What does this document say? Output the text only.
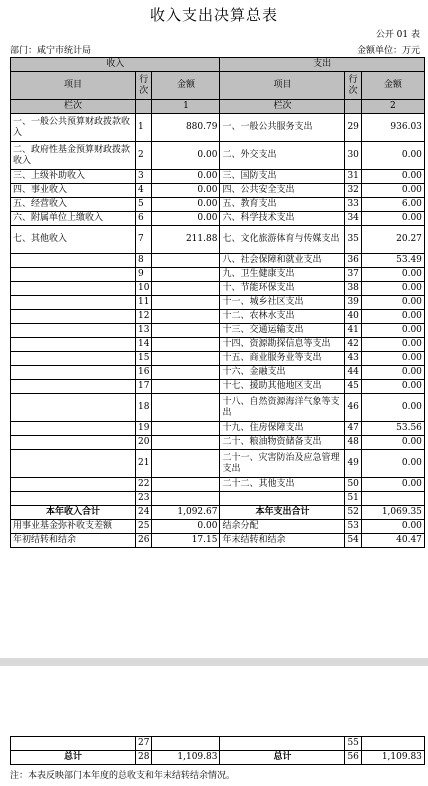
收入支出决算总表
公开 01 表
部门：咸宁市统计局	金额单位：万元
收入			支出		
项目	行次	金额	项目	行次	金额
栏次		1	栏次		2
一、一般公共预算财政拨款收入	1	880.79	一、一般公共服务支出	29	936.03
二、政府性基金预算财政拨款收入	2	0.00	二、外交支出	30	0.00
三、上级补助收入	3	0.00	三、国防支出	31	0.00
四、事业收入	4	0.00	四、公共安全支出	32	0.00
五、经营收入	5	0.00	五、教育支出	33	6.00
六、附属单位上缴收入	6	0.00	六、科学技术支出	34	0.00
七、其他收入	7	211.88	七、文化旅游体育与传媒支出	35	20.27
	8		八、社会保障和就业支出	36	53.49
	9		九、卫生健康支出	37	0.00
	10		十、节能环保支出	38	0.00
	11		十一、城乡社区支出	39	0.00
	12		十二、农林水支出	40	0.00
	13		十三、交通运输支出	41	0.00
	14		十四、资源勘探信息等支出	42	0.00
	15		十五、商业服务业等支出	43	0.00
	16		十六、金融支出	44	0.00
	17		十七、援助其他地区支出	45	0.00
	18		十八、自然资源海洋气象等支出	46	0.00
	19		十九、住房保障支出	47	53.56
	20		二十、粮油物资储备支出	48	0.00
	21		二十一、灾害防治及应急管理支出	49	0.00
	22		二十二、其他支出	50	0.00
	23			51	
本年收入合计	24	1,092.67	本年支出合计	52	1,069.35
用事业基金弥补收支差额	25	0.00	结余分配	53	0.00
年初结转和结余	26	17.15	年末结转和结余	54	40.47
	27			55	
总计	28	1,109.83	总计	56	1,109.83
注：本表反映部门本年度的总收支和年末结转结余情况。
